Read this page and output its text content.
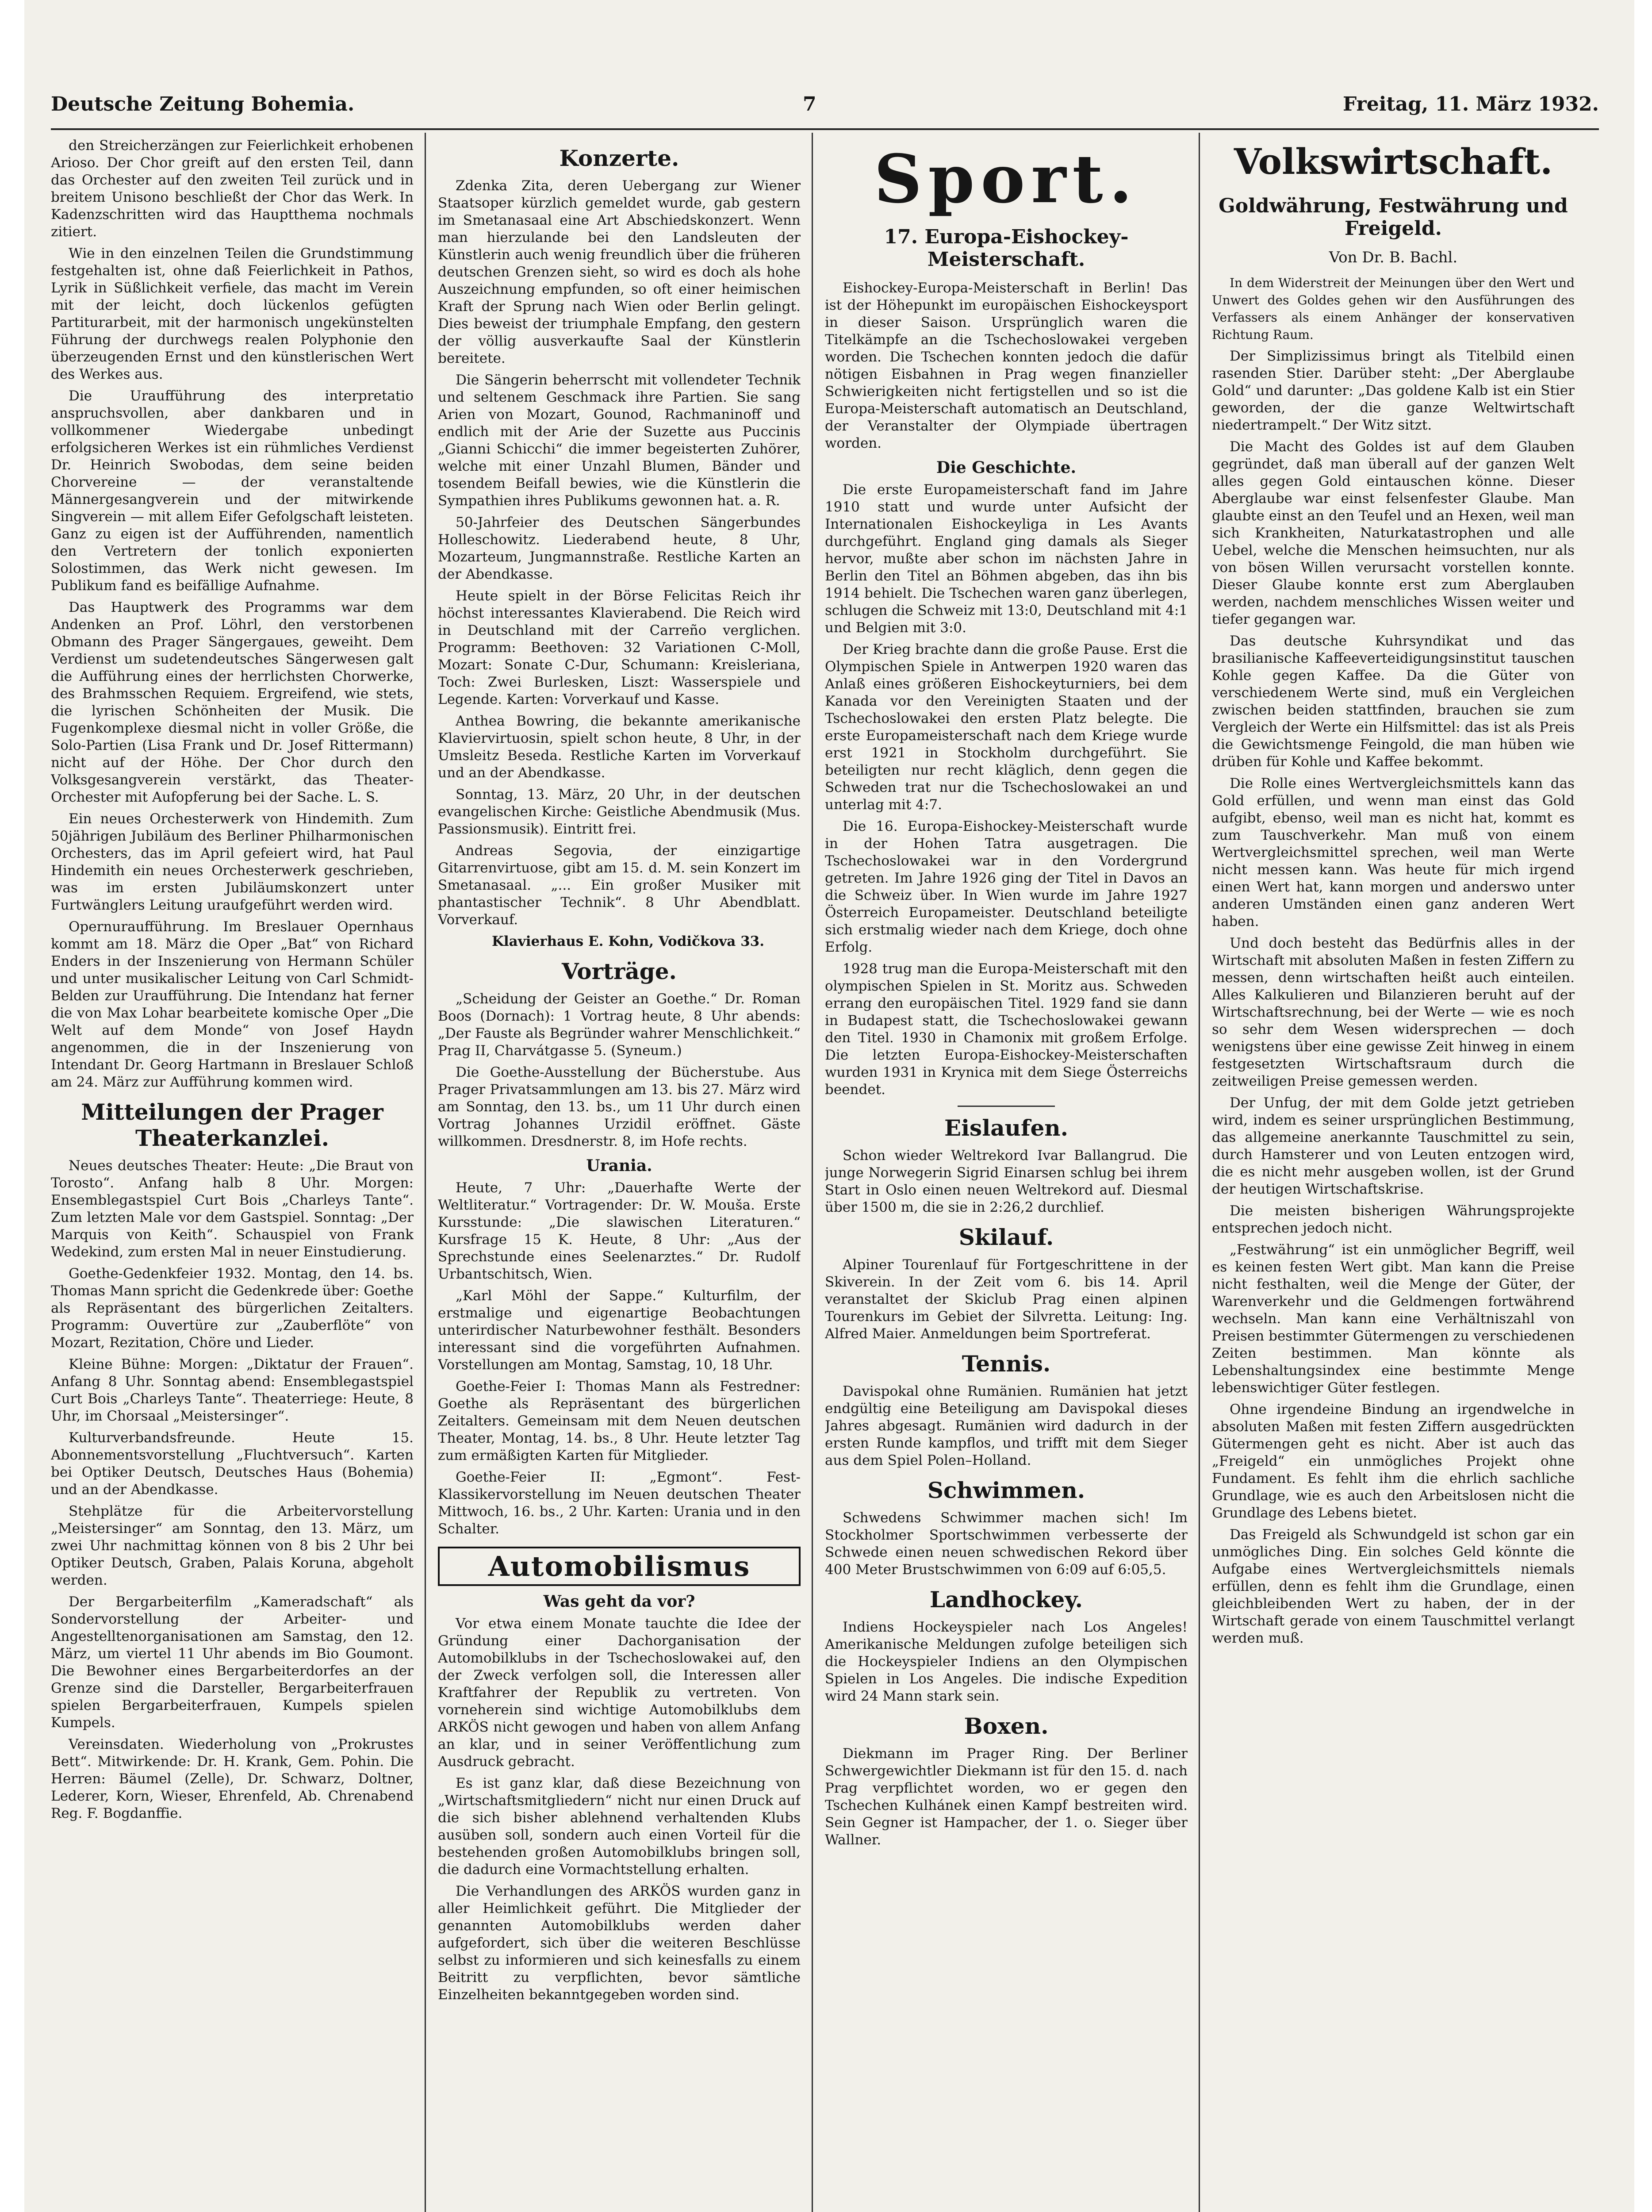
Deutsche Zeitung Bohemia.	7	Freitag, 11. März 1932.

den Streicherzängen zur Feierlichkeit erhobenen Arioso. Der Chor greift auf den ersten Teil, dann das Orchester auf den zweiten Teil zurück und in breitem Unisono beschließt der Chor das Werk. In Kadenzschritten wird das Hauptthema nochmals zitiert.

Wie in den einzelnen Teilen die Grundstimmung festgehalten ist, ohne daß Feierlichkeit in Pathos, Lyrik in Süßlichkeit verfiele, das macht im Verein mit der leicht, doch lückenlos gefügten Partiturarbeit, mit der harmonisch ungekünstelten Führung der durchwegs realen Polyphonie den überzeugenden Ernst und den künstlerischen Wert des Werkes aus.

Die Uraufführung des interpretatio anspruchsvollen, aber dankbaren und in vollkommener Wiedergabe unbedingt erfolgsicheren Werkes ist ein rühmliches Verdienst Dr. Heinrich Swobodas, dem seine beiden Chorvereine — der veranstaltende Männergesangverein und der mitwirkende Singverein — mit allem Eifer Gefolgschaft leisteten. Ganz zu eigen ist der Aufführenden, namentlich den Vertretern der tonlich exponierten Solostimmen, das Werk nicht gewesen. Im Publikum fand es beifällige Aufnahme.

Das Hauptwerk des Programms war dem Andenken an Prof. Löhrl, den verstorbenen Obmann des Prager Sängergaues, geweiht. Dem Verdienst um sudetendeutsches Sängerwesen galt die Aufführung eines der herrlichsten Chorwerke, des Brahmsschen Requiem. Ergreifend, wie stets, die lyrischen Schönheiten der Musik. Die Fugenkomplexe diesmal nicht in voller Größe, die Solo-Partien (Lisa Frank und Dr. Josef Rittermann) nicht auf der Höhe. Der Chor durch den Volksgesangverein verstärkt, das Theater-Orchester mit Aufopferung bei der Sache. L. S.

Ein neues Orchesterwerk von Hindemith. Zum 50jährigen Jubiläum des Berliner Philharmonischen Orchesters, das im April gefeiert wird, hat Paul Hindemith ein neues Orchesterwerk geschrieben, was im ersten Jubiläumskonzert unter Furtwänglers Leitung uraufgeführt werden wird.

Opernuraufführung. Im Breslauer Opernhaus kommt am 18. März die Oper „Bat“ von Richard Enders in der Inszenierung von Hermann Schüler und unter musikalischer Leitung von Carl Schmidt-Belden zur Uraufführung. Die Intendanz hat ferner die von Max Lohar bearbeitete komische Oper „Die Welt auf dem Monde“ von Josef Haydn angenommen, die in der Inszenierung von Intendant Dr. Georg Hartmann in Breslauer Schloß am 24. März zur Aufführung kommen wird.

Mitteilungen der Prager Theaterkanzlei.

Neues deutsches Theater: Heute: „Die Braut von Torosto“. Anfang halb 8 Uhr. Morgen: Ensemblegastspiel Curt Bois „Charleys Tante“. Zum letzten Male vor dem Gastspiel. Sonntag: „Der Marquis von Keith“. Schauspiel von Frank Wedekind, zum ersten Mal in neuer Einstudierung.

Goethe-Gedenkfeier 1932. Montag, den 14. bs. Thomas Mann spricht die Gedenkrede über: Goethe als Repräsentant des bürgerlichen Zeitalters. Programm: Ouvertüre zur „Zauberflöte“ von Mozart, Rezitation, Chöre und Lieder.

Kleine Bühne: Morgen: „Diktatur der Frauen“. Anfang 8 Uhr. Sonntag abend: Ensemblegastspiel Curt Bois „Charleys Tante“. Theaterriege: Heute, 8 Uhr, im Chorsaal „Meistersinger“.

Kulturverbandsfreunde. Heute 15. Abonnementsvorstellung „Fluchtversuch“. Karten bei Optiker Deutsch, Deutsches Haus (Bohemia) und an der Abendkasse.

Stehplätze für die Arbeitervorstellung „Meistersinger“ am Sonntag, den 13. März, um zwei Uhr nachmittag können von 8 bis 2 Uhr bei Optiker Deutsch, Graben, Palais Koruna, abgeholt werden.

Der Bergarbeiterfilm „Kameradschaft“ als Sondervorstellung der Arbeiter- und Angestelltenorganisationen am Samstag, den 12. März, um viertel 11 Uhr abends im Bio Goumont. Die Bewohner eines Bergarbeiterdorfes an der Grenze sind die Darsteller, Bergarbeiterfrauen spielen Bergarbeiterfrauen, Kumpels spielen Kumpels.

Vereinsdaten. Wiederholung von „Prokrustes Bett“. Mitwirkende: Dr. H. Krank, Gem. Pohin. Die Herren: Bäumel (Zelle), Dr. Schwarz, Doltner, Lederer, Korn, Wieser, Ehrenfeld, Ab. Chrenabend Reg. F. Bogdanffie.

Konzerte.

Zdenka Zita, deren Uebergang zur Wiener Staatsoper kürzlich gemeldet wurde, gab gestern im Smetanasaal eine Art Abschiedskonzert. Wenn man hierzulande bei den Landsleuten der Künstlerin auch wenig freundlich über die früheren deutschen Grenzen sieht, so wird es doch als hohe Auszeichnung empfunden, so oft einer heimischen Kraft der Sprung nach Wien oder Berlin gelingt. Dies beweist der triumphale Empfang, den gestern der völlig ausverkaufte Saal der Künstlerin bereitete.

Die Sängerin beherrscht mit vollendeter Technik und seltenem Geschmack ihre Partien. Sie sang Arien von Mozart, Gounod, Rachmaninoff und endlich mit der Arie der Suzette aus Puccinis „Gianni Schicchi“ die immer begeisterten Zuhörer, welche mit einer Unzahl Blumen, Bänder und tosendem Beifall bewies, wie die Künstlerin die Sympathien ihres Publikums gewonnen hat. a. R.

50-Jahrfeier des Deutschen Sängerbundes Holleschowitz. Liederabend heute, 8 Uhr, Mozarteum, Jungmannstraße. Restliche Karten an der Abendkasse.

Heute spielt in der Börse Felicitas Reich ihr höchst interessantes Klavierabend. Die Reich wird in Deutschland mit der Carreño verglichen. Programm: Beethoven: 32 Variationen C-Moll, Mozart: Sonate C-Dur, Schumann: Kreisleriana, Toch: Zwei Burlesken, Liszt: Wasserspiele und Legende. Karten: Vorverkauf und Kasse.

Anthea Bowring, die bekannte amerikanische Klaviervirtuosin, spielt schon heute, 8 Uhr, in der Umsleitz Beseda. Restliche Karten im Vorverkauf und an der Abendkasse.

Sonntag, 13. März, 20 Uhr, in der deutschen evangelischen Kirche: Geistliche Abendmusik (Mus. Passionsmusik). Eintritt frei.

Andreas Segovia, der einzigartige Gitarrenvirtuose, gibt am 15. d. M. sein Konzert im Smetanasaal. „... Ein großer Musiker mit phantastischer Technik“. 8 Uhr Abendblatt. Vorverkauf.

Klavierhaus E. Kohn, Vodičkova 33.

Vorträge.

„Scheidung der Geister an Goethe.“ Dr. Roman Boos (Dornach): 1 Vortrag heute, 8 Uhr abends: „Der Fauste als Begründer wahrer Menschlichkeit.“ Prag II, Charvátgasse 5. (Syneum.)

Die Goethe-Ausstellung der Bücherstube. Aus Prager Privatsammlungen am 13. bis 27. März wird am Sonntag, den 13. bs., um 11 Uhr durch einen Vortrag Johannes Urzidil eröffnet. Gäste willkommen. Dresdnerstr. 8, im Hofe rechts.

Urania.

Heute, 7 Uhr: „Dauerhafte Werte der Weltliteratur.“ Vortragender: Dr. W. Mouša. Erste Kursstunde: „Die slawischen Literaturen.“ Kursfrage 15 K. Heute, 8 Uhr: „Aus der Sprechstunde eines Seelenarztes.“ Dr. Rudolf Urbantschitsch, Wien.

„Karl Möhl der Sappe.“ Kulturfilm, der erstmalige und eigenartige Beobachtungen unterirdischer Naturbewohner festhält. Besonders interessant sind die vorgeführten Aufnahmen. Vorstellungen am Montag, Samstag, 10, 18 Uhr.

Goethe-Feier I: Thomas Mann als Festredner: Goethe als Repräsentant des bürgerlichen Zeitalters. Gemeinsam mit dem Neuen deutschen Theater, Montag, 14. bs., 8 Uhr. Heute letzter Tag zum ermäßigten Karten für Mitglieder.

Goethe-Feier II: „Egmont“. Fest-Klassikervorstellung im Neuen deutschen Theater Mittwoch, 16. bs., 2 Uhr. Karten: Urania und in den Schalter.

Automobilismus
Was geht da vor?

Vor etwa einem Monate tauchte die Idee der Gründung einer Dachorganisation der Automobilklubs in der Tschechoslowakei auf, den der Zweck verfolgen soll, die Interessen aller Kraftfahrer der Republik zu vertreten. Von vorneherein sind wichtige Automobilklubs dem ARKÖS nicht gewogen und haben von allem Anfang an klar, und in seiner Veröffentlichung zum Ausdruck gebracht.

Es ist ganz klar, daß diese Bezeichnung von „Wirtschaftsmitgliedern“ nicht nur einen Druck auf die sich bisher ablehnend verhaltenden Klubs ausüben soll, sondern auch einen Vorteil für die bestehenden großen Automobilklubs bringen soll, die dadurch eine Vormachtstellung erhalten.

Die Verhandlungen des ARKÖS wurden ganz in aller Heimlichkeit geführt. Die Mitglieder der genannten Automobilklubs werden daher aufgefordert, sich über die weiteren Beschlüsse selbst zu informieren und sich keinesfalls zu einem Beitritt zu verpflichten, bevor sämtliche Einzelheiten bekanntgegeben worden sind.

Sport.
17. Europa-Eishockey-Meisterschaft.

Eishockey-Europa-Meisterschaft in Berlin! Das ist der Höhepunkt im europäischen Eishockeysport in dieser Saison. Ursprünglich waren die Titelkämpfe an die Tschechoslowakei vergeben worden. Die Tschechen konnten jedoch die dafür nötigen Eisbahnen in Prag wegen finanzieller Schwierigkeiten nicht fertigstellen und so ist die Europa-Meisterschaft automatisch an Deutschland, der Veranstalter der Olympiade übertragen worden.

Die Geschichte.

Die erste Europameisterschaft fand im Jahre 1910 statt und wurde unter Aufsicht der Internationalen Eishockeyliga in Les Avants durchgeführt. England ging damals als Sieger hervor, mußte aber schon im nächsten Jahre in Berlin den Titel an Böhmen abgeben, das ihn bis 1914 behielt. Die Tschechen waren ganz überlegen, schlugen die Schweiz mit 13:0, Deutschland mit 4:1 und Belgien mit 3:0.

Der Krieg brachte dann die große Pause. Erst die Olympischen Spiele in Antwerpen 1920 waren das Anlaß eines größeren Eishockeyturniers, bei dem Kanada vor den Vereinigten Staaten und der Tschechoslowakei den ersten Platz belegte. Die erste Europameisterschaft nach dem Kriege wurde erst 1921 in Stockholm durchgeführt. Sie beteiligten nur recht kläglich, denn gegen die Schweden trat nur die Tschechoslowakei an und unterlag mit 4:7.

Die 16. Europa-Eishockey-Meisterschaft wurde in der Hohen Tatra ausgetragen. Die Tschechoslowakei war in den Vordergrund getreten. Im Jahre 1926 ging der Titel in Davos an die Schweiz über. In Wien wurde im Jahre 1927 Österreich Europameister. Deutschland beteiligte sich erstmalig wieder nach dem Kriege, doch ohne Erfolg.

1928 trug man die Europa-Meisterschaft mit den olympischen Spielen in St. Moritz aus. Schweden errang den europäischen Titel. 1929 fand sie dann in Budapest statt, die Tschechoslowakei gewann den Titel. 1930 in Chamonix mit großem Erfolge. Die letzten Europa-Eishockey-Meisterschaften wurden 1931 in Krynica mit dem Siege Österreichs beendet.

Eislaufen.

Schon wieder Weltrekord Ivar Ballangrud. Die junge Norwegerin Sigrid Einarsen schlug bei ihrem Start in Oslo einen neuen Weltrekord auf. Diesmal über 1500 m, die sie in 2:26,2 durchlief.

Skilauf.

Alpiner Tourenlauf für Fortgeschrittene in der Skiverein. In der Zeit vom 6. bis 14. April veranstaltet der Skiclub Prag einen alpinen Tourenkurs im Gebiet der Silvretta. Leitung: Ing. Alfred Maier. Anmeldungen beim Sportreferat.

Tennis.

Davispokal ohne Rumänien. Rumänien hat jetzt endgültig eine Beteiligung am Davispokal dieses Jahres abgesagt. Rumänien wird dadurch in der ersten Runde kampflos, und trifft mit dem Sieger aus dem Spiel Polen–Holland.

Schwimmen.

Schwedens Schwimmer machen sich! Im Stockholmer Sportschwimmen verbesserte der Schwede einen neuen schwedischen Rekord über 400 Meter Brustschwimmen von 6:09 auf 6:05,5.

Landhockey.

Indiens Hockeyspieler nach Los Angeles! Amerikanische Meldungen zufolge beteiligen sich die Hockeyspieler Indiens an den Olympischen Spielen in Los Angeles. Die indische Expedition wird 24 Mann stark sein.

Boxen.

Diekmann im Prager Ring. Der Berliner Schwergewichtler Diekmann ist für den 15. d. nach Prag verpflichtet worden, wo er gegen den Tschechen Kulhánek einen Kampf bestreiten wird. Sein Gegner ist Hampacher, der 1. o. Sieger über Wallner.

Volkswirtschaft.
Goldwährung, Festwährung und Freigeld.
Von Dr. B. Bachl.

In dem Widerstreit der Meinungen über den Wert und Unwert des Goldes gehen wir den Ausführungen des Verfassers als einem Anhänger der konservativen Richtung Raum.

Der Simplizissimus bringt als Titelbild einen rasenden Stier. Darüber steht: „Der Aberglaube Gold“ und darunter: „Das goldene Kalb ist ein Stier geworden, der die ganze Weltwirtschaft niedertrampelt.“ Der Witz sitzt.

Die Macht des Goldes ist auf dem Glauben gegründet, daß man überall auf der ganzen Welt alles gegen Gold eintauschen könne. Dieser Aberglaube war einst felsenfester Glaube. Man glaubte einst an den Teufel und an Hexen, weil man sich Krankheiten, Naturkatastrophen und alle Uebel, welche die Menschen heimsuchten, nur als von bösen Willen verursacht vorstellen konnte. Dieser Glaube konnte erst zum Aberglauben werden, nachdem menschliches Wissen weiter und tiefer gegangen war.

Das deutsche Kuhrsyndikat und das brasilianische Kaffeeverteidigungsinstitut tauschen Kohle gegen Kaffee. Da die Güter von verschiedenem Werte sind, muß ein Vergleichen zwischen beiden stattfinden, brauchen sie zum Vergleich der Werte ein Hilfsmittel: das ist als Preis die Gewichtsmenge Feingold, die man hüben wie drüben für Kohle und Kaffee bekommt.

Die Rolle eines Wertvergleichsmittels kann das Gold erfüllen, und wenn man einst das Gold aufgibt, ebenso, weil man es nicht hat, kommt es zum Tauschverkehr. Man muß von einem Wertvergleichsmittel sprechen, weil man Werte nicht messen kann. Was heute für mich irgend einen Wert hat, kann morgen und anderswo unter anderen Umständen einen ganz anderen Wert haben.

Und doch besteht das Bedürfnis alles in der Wirtschaft mit absoluten Maßen in festen Ziffern zu messen, denn wirtschaften heißt auch einteilen. Alles Kalkulieren und Bilanzieren beruht auf der Wirtschaftsrechnung, bei der Werte — wie es noch so sehr dem Wesen widersprechen — doch wenigstens über eine gewisse Zeit hinweg in einem festgesetzten Wirtschaftsraum durch die zeitweiligen Preise gemessen werden.

Der Unfug, der mit dem Golde jetzt getrieben wird, indem es seiner ursprünglichen Bestimmung, das allgemeine anerkannte Tauschmittel zu sein, durch Hamsterer und von Leuten entzogen wird, die es nicht mehr ausgeben wollen, ist der Grund der heutigen Wirtschaftskrise.

Die meisten bisherigen Währungsprojekte entsprechen jedoch nicht.

„Festwährung“ ist ein unmöglicher Begriff, weil es keinen festen Wert gibt. Man kann die Preise nicht festhalten, weil die Menge der Güter, der Warenverkehr und die Geldmengen fortwährend wechseln. Man kann eine Verhältniszahl von Preisen bestimmter Gütermengen zu verschiedenen Zeiten bestimmen. Man könnte als Lebenshaltungsindex eine bestimmte Menge lebenswichtiger Güter festlegen.

Ohne irgendeine Bindung an irgendwelche in absoluten Maßen mit festen Ziffern ausgedrückten Gütermengen geht es nicht. Aber ist auch das „Freigeld“ ein unmögliches Projekt ohne Fundament. Es fehlt ihm die ehrlich sachliche Grundlage, wie es auch den Arbeitslosen nicht die Grundlage des Lebens bietet.

Das Freigeld als Schwundgeld ist schon gar ein unmögliches Ding. Ein solches Geld könnte die Aufgabe eines Wertvergleichsmittels niemals erfüllen, denn es fehlt ihm die Grundlage, einen gleichbleibenden Wert zu haben, der in der Wirtschaft gerade von einem Tauschmittel verlangt werden muß.
